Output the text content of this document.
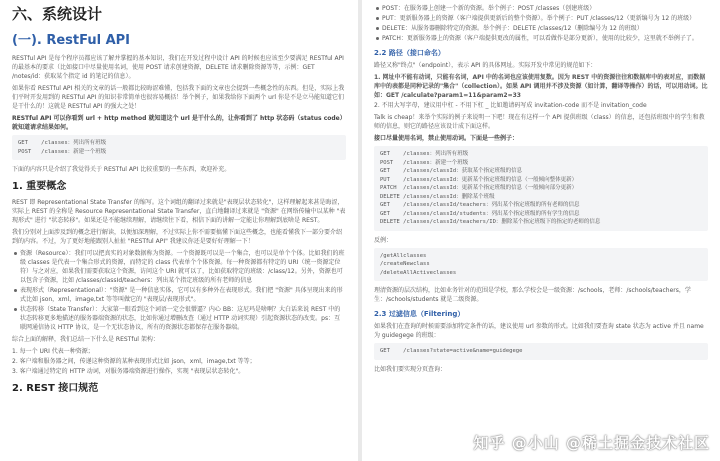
六、系统设计
(一). RestFul API

RESTful API 是每个程序员都应该了解并掌握的基本知识，我们在开发过程中设计 API 的时候也应该至少要满足 RESTful API 的最基本的要求（比如接口中尽量使用名词，使用 POST 请求创建资源，DELETE 请求删除资源等等，示例：GET /notes/id：获取某个指定 id 的笔记的信息）。

如果你看 RESTful API 相关的文章的话一般都比较晦涩难懂，包括我下面的文章也会提到一些概念性的东西。但是，实际上我们平时开发用到的 RESTful API 的知识非常简单也很容易概括！举个例子，如果我给你下面两个 url 你是不是立马能知道它们是干什么的！这就是 RESTful API 的强大之处！

RESTful API 可以你看到 url + http method 就知道这个 url 是干什么的，让你看到了 http 状态码（status code）就知道请求结果如何。

GET    /classes：列出所有班级
POST   /classes：新建一个班级

下面的内容只是介绍了我觉得关于 RESTful API 比较重要的一些东西，欢迎补充。

1. 重要概念

REST 即 Representational State Transfer 的缩写。这个词组的翻译过来就是"表现层状态转化"，这样理解起来甚是晦涩，实际上 REST 的全称是 Resource Representational State Transfer，直白地翻译过来就是 "资源" 在网络传输中以某种 "表现形式" 进行 "状态转移"。如果还是不能继续理解，请继续往下看，相信下面的讲解一定能让你理解到底啥是 REST。

我们分别对上面涉及到的概念进行解读，以便加深理解，不过实际上你不需要搞懂下面这些概念，也能看懂我下一部分要介绍到的内容。不过，为了更好地能跟别人扯扯 "RESTful API" 我建议你还是要好好理解一下！

资源（Resource）：我们可以把真实的对象数据称为资源。一个资源既可以是一个集合，也可以是单个个体。比如我们的班级 classes 是代表一个集合形式的资源，而特定的 class 代表单个个体资源。每一种资源都有特定的 URI（统一资源定位符）与之对应，如果我们需要获取这个资源，访问这个 URI 就可以了，比如获取特定的班级：/class/12。另外，资源也可以包含子资源，比如 /classes/classId/teachers：列出某个指定班级的所有老师的信息
表现形式（Representational）："资源" 是一种信息实体，它可以有多种外在表现形式。我们把 "资源" 具体呈现出来的形式比如 json，xml，image,txt 等等叫做它的 "表现层/表现形式"。
状态转移（State Transfer）：大家第一眼看到这个词语一定会很懵逼？内心 BB：这尼玛是啥啊？大白话来说 REST 中的状态转移更多地描述的服务器端资源的状态，比如你通过增删改查（通过 HTTP 动词实现）引起资源状态的改变。ps：互联网通信协议 HTTP 协议，是一个无状态协议，所有的资源状态都保存在服务器端。

综合上面的解释，我们总结一下什么是 RESTful 架构：

1. 每一个 URI 代表一种资源；
2. 客户端和服务器之间，传递这种资源的某种表现形式比如 json，xml，image,txt 等等；
3. 客户端通过特定的 HTTP 动词，对服务器端资源进行操作，实现 "表现层状态转化"。
2. REST 接口规范
POST：在服务器上创建一个新的资源。举个例子：POST /classes（创建班级）
PUT：更新服务器上的资源（客户端提供更新后的整个资源）。举个例子：PUT /classes/12（更新编号为 12 的班级）
DELETE：从服务器删除特定的资源。举个例子：DELETE /classes/12（删除编号为 12 的班级）
PATCH：更新服务器上的资源（客户端提供更改的属性，可以看做作是部分更新），使用的比较少，这里就不举例子了。
2.2 路径（接口命名）

路径又称"终点"（endpoint），表示 API 的具体网址。实际开发中常见的规范如下：

1. 网址中不能有动词，只能有名词，API 中的名词也应该使用复数。因为 REST 中的资源往往和数据库中的表对应，而数据库中的表都是同种记录的"集合"（collection）。如果 API 调用并不涉及资源（如计算，翻译等操作）的话，可以用动词。比如：GET /calculate?param1=11&param2=33
2. 不用大写字母，建议用中杠 - 不用下杠 _ 比如邀请码写成 invitation-code 而不是 invitation_code

Talk is cheap！来举个实际的例子来说明一下吧！现在有这样一个 API 提供班级（class）的信息，还包括班级中的学生和教师的信息，则它的路径应该设计成下面这样。

接口尽量使用名词，禁止使用动词。下面是一些例子：

GET    /classes：列出所有班级
POST   /classes：新建一个班级
GET    /classes/classId：获取某个指定班级的信息
PUT    /classes/classId：更新某个指定班级的信息（一般倾向整体更新）
PATCH  /classes/classId：更新某个指定班级的信息（一般倾向部分更新）
DELETE /classes/classId：删除某个班级
GET    /classes/classId/teachers：列出某个指定班级的所有老师的信息
GET    /classes/classId/students：列出某个指定班级的所有学生的信息
DELETE /classes/classId/teachers/ID：删除某个指定班级下的指定的老师的信息

反例：

/getAllclasses
/createNewclass
/deleteAllActiveclasses

理清资源的层次结构，比如业务针对的范围是学校，那么学校会是一级资源：/schools，老师：/schools/teachers，学生：/schools/students 就是二级资源。

2.3 过滤信息（Filtering）

如果我们在查询的时候需要添加特定条件的话，建议使用 url 参数的形式。比如我们要查询 state 状态为 active 并且 name 为 guidegege 的班级：

GET    /classes?state=active&name=guidegege

比如我们要实现分页查询：

知乎 @小山 @稀土掘金技术社区
